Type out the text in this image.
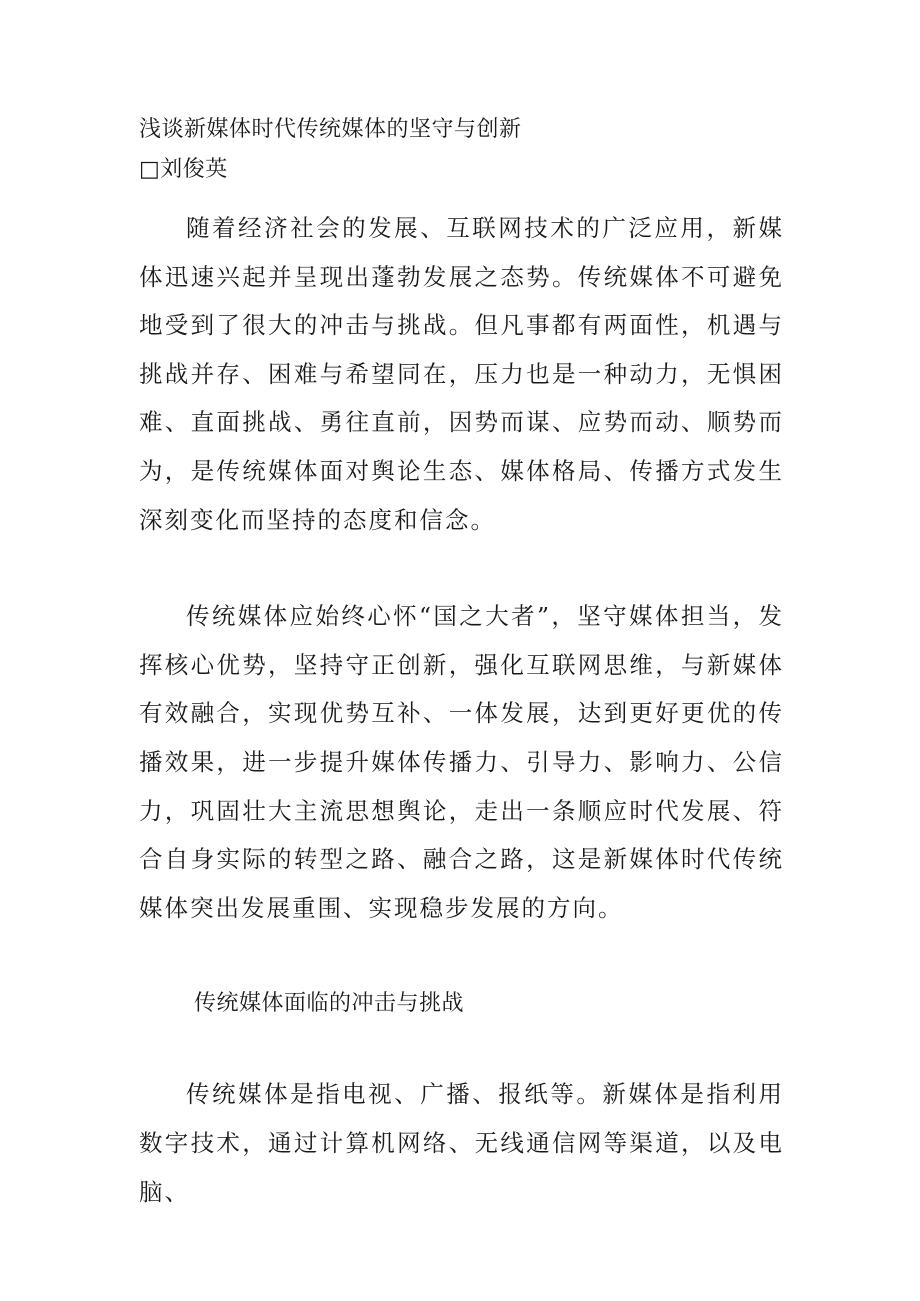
浅谈新媒体时代传统媒体的坚守与创新
□刘俊英

随着经济社会的发展、互联网技术的广泛应用，新媒体迅速兴起并呈现出蓬勃发展之态势。传统媒体不可避免地受到了很大的冲击与挑战。但凡事都有两面性，机遇与挑战并存、困难与希望同在，压力也是一种动力，无惧困难、直面挑战、勇往直前，因势而谋、应势而动、顺势而为，是传统媒体面对舆论生态、媒体格局、传播方式发生深刻变化而坚持的态度和信念。

传统媒体应始终心怀“国之大者”，坚守媒体担当，发挥核心优势，坚持守正创新，强化互联网思维，与新媒体有效融合，实现优势互补、一体发展，达到更好更优的传播效果，进一步提升媒体传播力、引导力、影响力、公信力，巩固壮大主流思想舆论，走出一条顺应时代发展、符合自身实际的转型之路、融合之路，这是新媒体时代传统媒体突出发展重围、实现稳步发展的方向。

传统媒体面临的冲击与挑战

传统媒体是指电视、广播、报纸等。新媒体是指利用数字技术，通过计算机网络、无线通信网等渠道，以及电脑、
